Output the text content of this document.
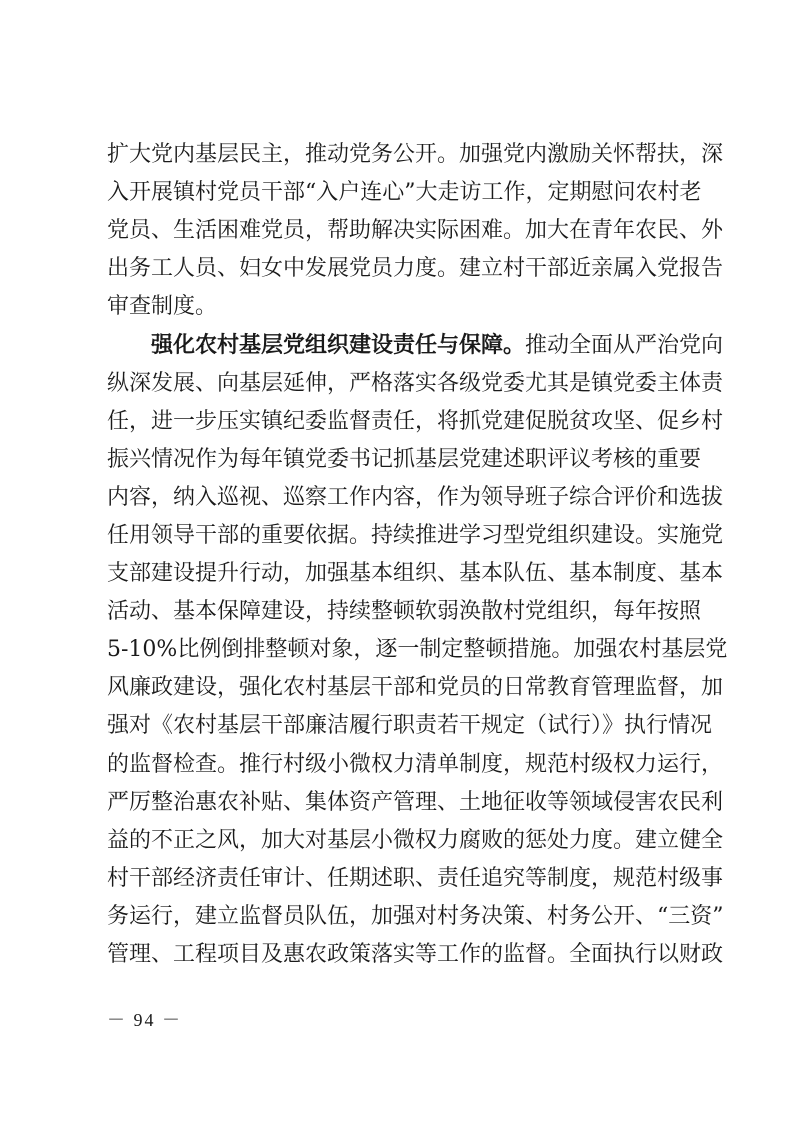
扩大党内基层民主，推动党务公开。加强党内激励关怀帮扶，深
入开展镇村党员干部“入户连心”大走访工作，定期慰问农村老
党员、生活困难党员，帮助解决实际困难。加大在青年农民、外
出务工人员、妇女中发展党员力度。建立村干部近亲属入党报告
审查制度。
强化农村基层党组织建设责任与保障。推动全面从严治党向
纵深发展、向基层延伸，严格落实各级党委尤其是镇党委主体责
任，进一步压实镇纪委监督责任，将抓党建促脱贫攻坚、促乡村
振兴情况作为每年镇党委书记抓基层党建述职评议考核的重要
内容，纳入巡视、巡察工作内容，作为领导班子综合评价和选拔
任用领导干部的重要依据。持续推进学习型党组织建设。实施党
支部建设提升行动，加强基本组织、基本队伍、基本制度、基本
活动、基本保障建设，持续整顿软弱涣散村党组织，每年按照
5-10%比例倒排整顿对象，逐一制定整顿措施。加强农村基层党
风廉政建设，强化农村基层干部和党员的日常教育管理监督，加
强对《农村基层干部廉洁履行职责若干规定（试行）》执行情况
的监督检查。推行村级小微权力清单制度，规范村级权力运行，
严厉整治惠农补贴、集体资产管理、土地征收等领域侵害农民利
益的不正之风，加大对基层小微权力腐败的惩处力度。建立健全
村干部经济责任审计、任期述职、责任追究等制度，规范村级事
－ 94 －
务运行，建立监督员队伍，加强对村务决策、村务公开、“三资”
管理、工程项目及惠农政策落实等工作的监督。全面执行以财政
